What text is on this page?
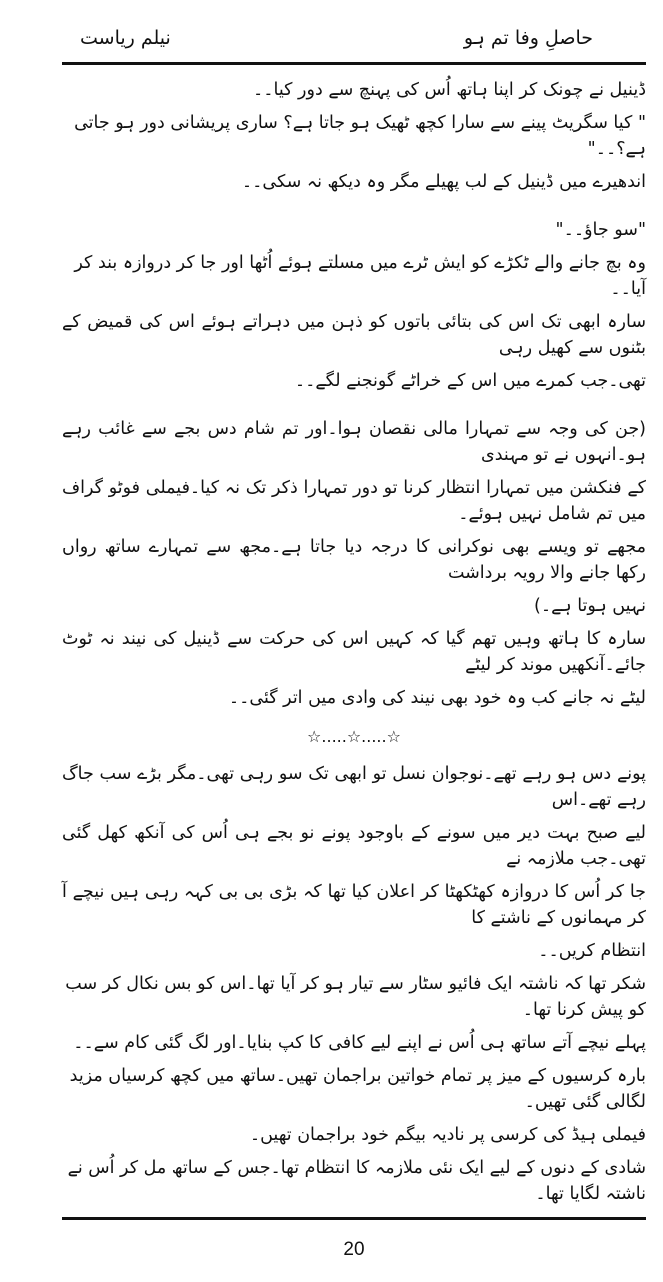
حاصلِ وفا تم ہو
نیلم ریاست
ڈینیل نے چونک کر اپنا ہاتھ اُس کی پہنچ سے دور کیا۔۔
" کیا سگریٹ پینے سے سارا کچھ ٹھیک ہو جاتا ہے؟ ساری پریشانی دور ہو جاتی ہے؟۔۔"
اندھیرے میں ڈینیل کے لب پھیلے مگر وہ دیکھ نہ سکی۔۔
"سو جاؤ۔۔"
وہ بچ جانے والے ٹکڑے کو ایش ٹرے میں مسلتے ہوئے اُٹھا اور جا کر دروازہ بند کر آیا۔۔
سارہ ابھی تک اس کی بتائی باتوں کو ذہن میں دہراتے ہوئے اس کی قمیض کے بٹنوں سے کھیل رہی
تھی۔جب کمرے میں اس کے خراٹے گونجنے لگے۔۔
(جن کی وجہ سے تمہارا مالی نقصان ہوا۔اور تم شام دس بجے سے غائب رہے ہو۔انہوں نے تو مہندی
کے فنکشن میں تمہارا انتظار کرنا تو دور تمہارا ذکر تک نہ کیا۔فیملی فوٹو گراف میں تم شامل نہیں ہوئے۔
مجھے تو ویسے بھی نوکرانی کا درجہ دیا جاتا ہے۔مجھ سے تمہارے ساتھ رواں رکھا جانے والا رویہ برداشت
نہیں ہوتا ہے۔)
سارہ کا ہاتھ وہیں تھم گیا کہ کہیں اس کی حرکت سے ڈینیل کی نیند نہ ٹوٹ جائے۔آنکھیں موند کر لیٹے
لیٹے نہ جانے کب وہ خود بھی نیند کی وادی میں اتر گئی۔۔
☆.....☆.....☆
پونے دس ہو رہے تھے۔نوجوان نسل تو ابھی تک سو رہی تھی۔مگر بڑے سب جاگ رہے تھے۔اس
لیے صبح بہت دیر میں سونے کے باوجود پونے نو بجے ہی اُس کی آنکھ کھل گئی تھی۔جب ملازمہ نے
جا کر اُس کا دروازہ کھٹکھٹا کر اعلان کیا تھا کہ بڑی بی بی کہہ رہی ہیں نیچے آ کر مہمانوں کے ناشتے کا
انتظام کریں۔۔
شکر تھا کہ ناشتہ ایک فائیو سٹار سے تیار ہو کر آیا تھا۔اس کو بس نکال کر سب کو پیش کرنا تھا۔
پہلے نیچے آتے ساتھ ہی اُس نے اپنے لیے کافی کا کپ بنایا۔اور لگ گئی کام سے۔۔
بارہ کرسیوں کے میز پر تمام خواتین براجمان تھیں۔ساتھ میں کچھ کرسیاں مزید لگالی گئی تھیں۔
فیملی ہیڈ کی کرسی پر نادیہ بیگم خود براجمان تھیں۔
شادی کے دنوں کے لیے ایک نئی ملازمہ کا انتظام تھا۔جس کے ساتھ مل کر اُس نے ناشتہ لگایا تھا۔
20
